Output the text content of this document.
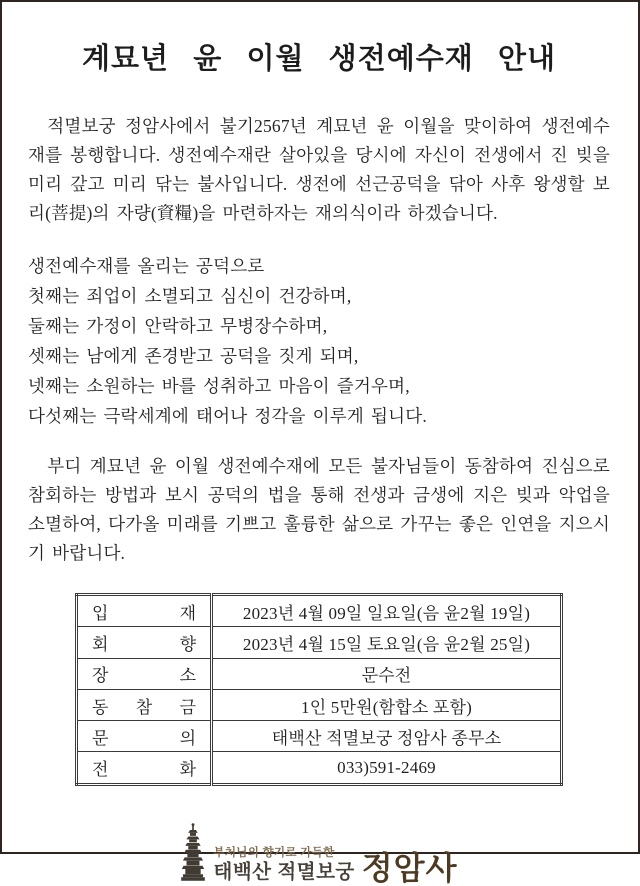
계묘년 윤 이월 생전예수재 안내

적멸보궁 정암사에서 불기2567년 계묘년 윤 이월을 맞이하여 생전예수재를 봉행합니다. 생전예수재란 살아있을 당시에 자신이 전생에서 진 빚을 미리 갚고 미리 닦는 불사입니다. 생전에 선근공덕을 닦아 사후 왕생할 보리(菩提)의 자량(資糧)을 마련하자는 재의식이라 하겠습니다.

생전예수재를 올리는 공덕으로
첫째는 죄업이 소멸되고 심신이 건강하며,
둘째는 가정이 안락하고 무병장수하며,
셋째는 남에게 존경받고 공덕을 짓게 되며,
넷째는 소원하는 바를 성취하고 마음이 즐거우며,
다섯째는 극락세계에 태어나 정각을 이루게 됩니다.

부디 계묘년 윤 이월 생전예수재에 모든 불자님들이 동참하여 진심으로 참회하는 방법과 보시 공덕의 법을 통해 전생과 금생에 지은 빚과 악업을 소멸하여, 다가올 미래를 기쁘고 훌륭한 삶으로 가꾸는 좋은 인연을 지으시기 바랍니다.

입 재	2023년 4월 09일 일요일(음 윤2월 19일)
회 향	2023년 4월 15일 토요일(음 윤2월 25일)
장 소	문수전
동 참 금	1인 5만원(함합소 포함)
문 의	태백산 적멸보궁 정암사 종무소
전 화	033)591-2469
부처님의 향기로 가득한
태백산 적멸보궁 정암사
